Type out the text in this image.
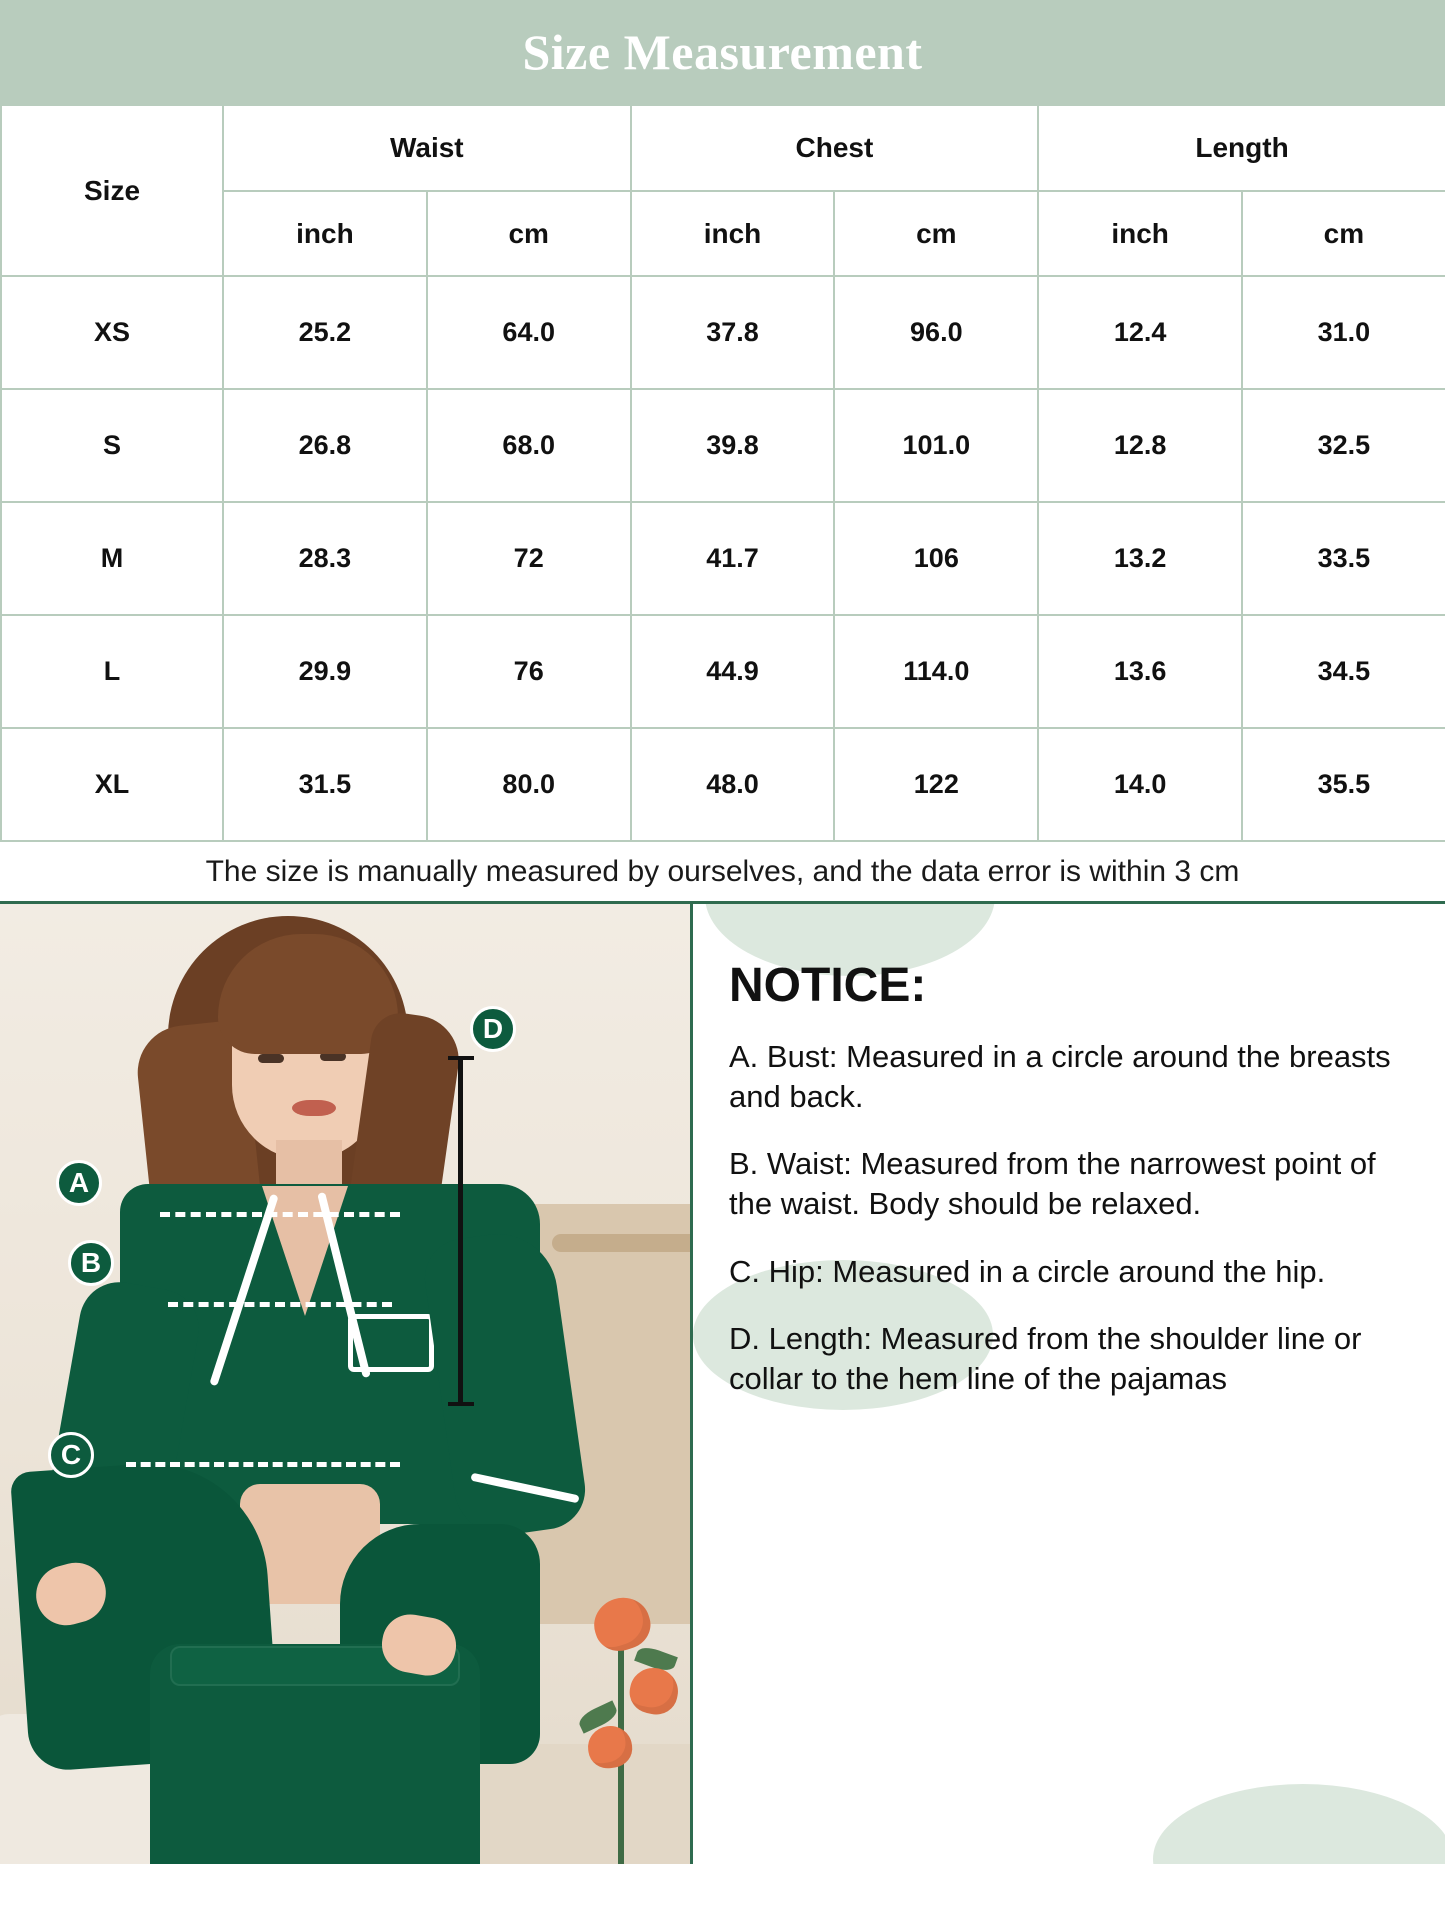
Size Measurement
Size	Waist		Chest		Length	
	inch	cm	inch	cm	inch	cm
XS	25.2	64.0	37.8	96.0	12.4	31.0
S	26.8	68.0	39.8	101.0	12.8	32.5
M	28.3	72	41.7	106	13.2	33.5
L	29.9	76	44.9	114.0	13.6	34.5
XL	31.5	80.0	48.0	122	14.0	35.5
The size is manually measured by ourselves, and the data error is within 3 cm
NOTICE:
A. Bust: Measured in a circle around the breasts and back.
B. Waist: Measured from the narrowest point of the waist. Body should be relaxed.
C. Hip: Measured in a circle around the hip.
D. Length: Measured from the shoulder line or collar to the hem line of the pajamas
A
B
C
D
